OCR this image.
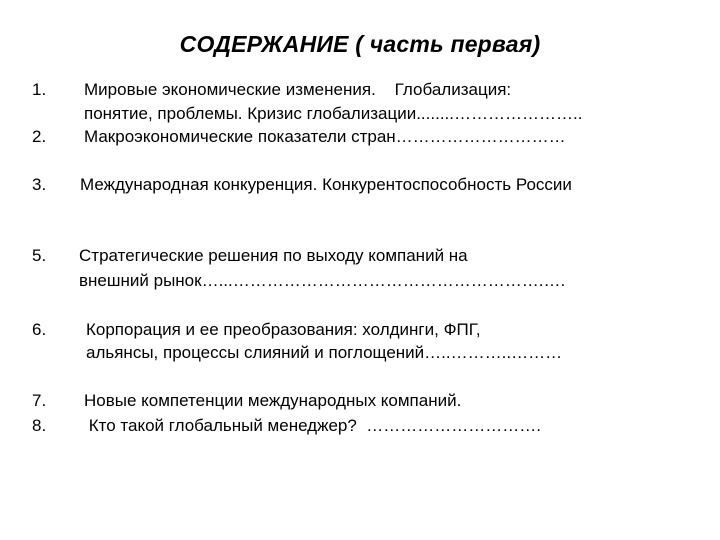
СОДЕРЖАНИЕ ( часть первая)
1. Мировые экономические изменения.    Глобализация:
понятие, проблемы. Кризис глобализации........…………………..
2. Макроэкономические показатели стран…………………………
3. Международная конкуренция. Конкурентоспособность России
5. Стратегические решения по выходу компаний на
внешний рынок…...……………………………………………….….
6. Корпорация и ее преобразования: холдинги, ФПГ,
альянсы, процессы слияний и поглощений…..………..………
7. Новые компетенции международных компаний.
8. Кто такой глобальный менеджер?  ………………………….
